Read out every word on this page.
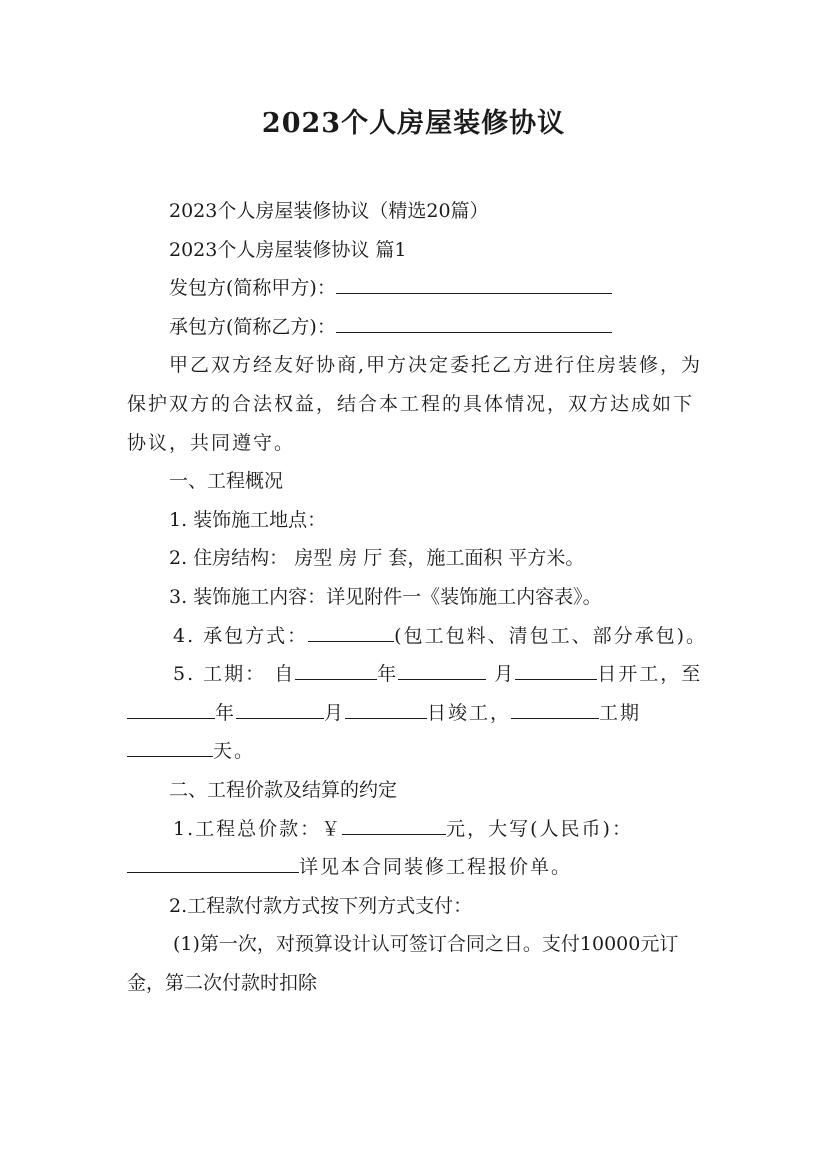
2023个人房屋装修协议

2023个人房屋装修协议（精选20篇）

2023个人房屋装修协议 篇1

发包方(简称甲方)：

承包方(简称乙方)：

甲乙双方经友好协商,甲方决定委托乙方进行住房装修，为保护双方的合法权益，结合本工程的具体情况，双方达成如下协议，共同遵守。

一、工程概况

1. 装饰施工地点：

2. 住房结构： 房型 房 厅 套，施工面积 平方米。

3. 装饰施工内容：详见附件一《装饰施工内容表》。

4. 承包方式：	(包工包料、清包工、部分承包)。

5. 工期： 自	年	月	日开工，至年	月	日竣工，	工期天。

二、工程价款及结算的约定

1.工程总价款：￥	元，大写(人民币)：详见本合同装修工程报价单。

2.工程款付款方式按下列方式支付：

(1)第一次，对预算设计认可签订合同之日。支付10000元订金，第二次付款时扣除
